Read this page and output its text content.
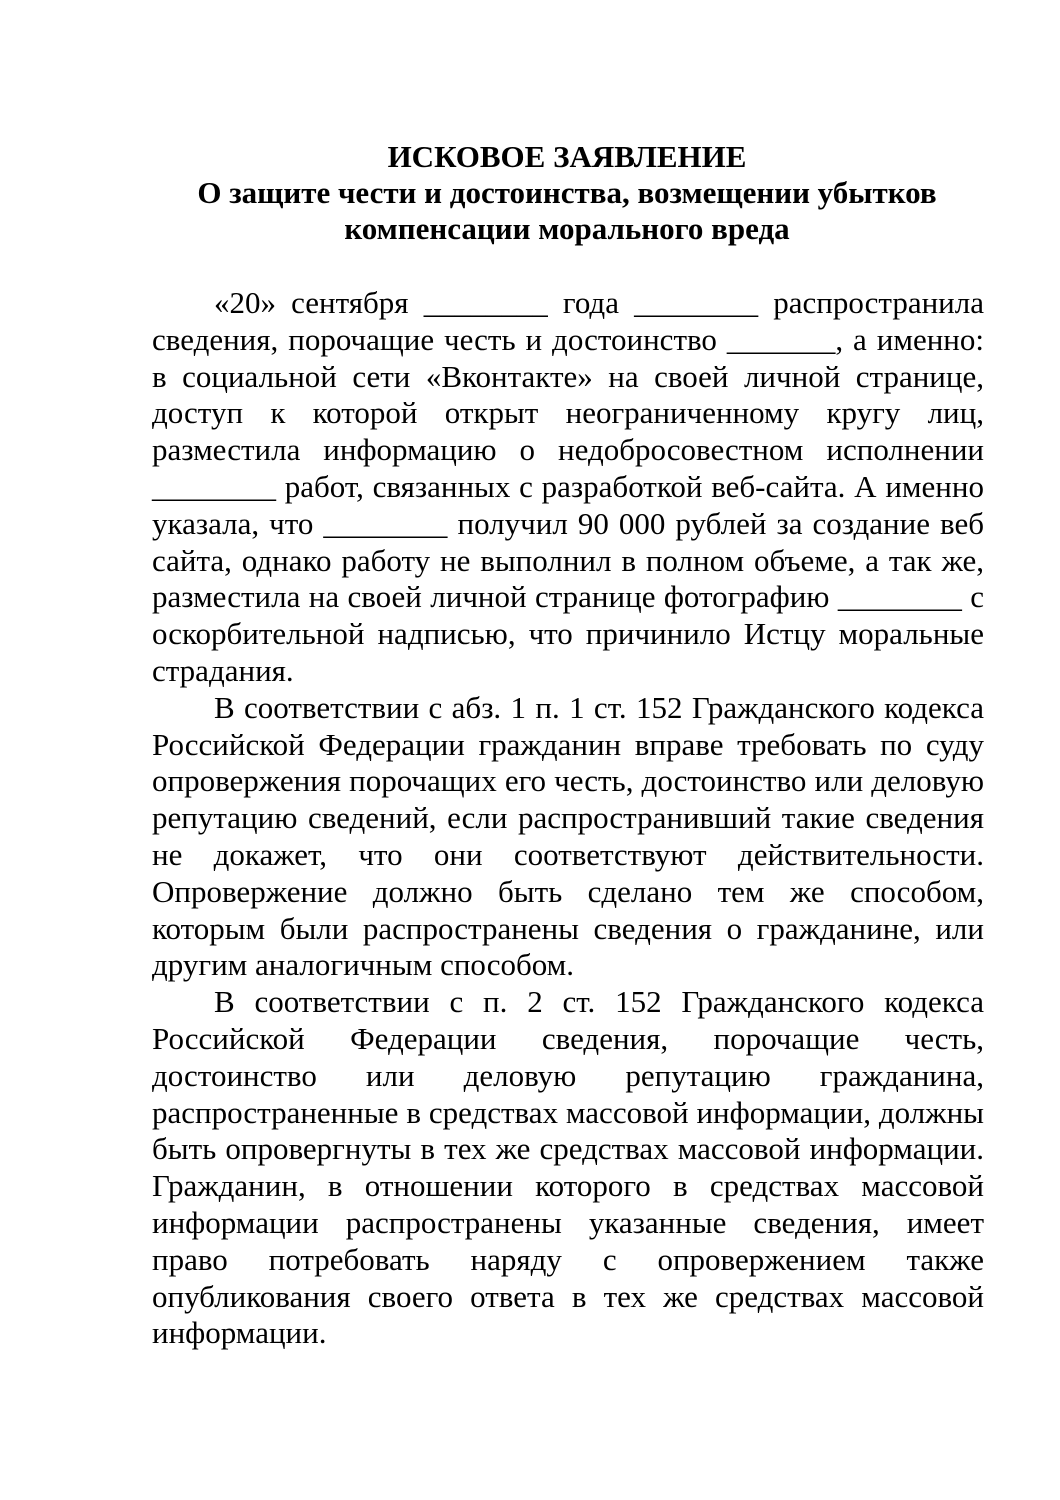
ИСКОВОЕ ЗАЯВЛЕНИЕ
О защите чести и достоинства, возмещении убытков
компенсации морального вреда

«20» сентября ________ года ________ распространила сведения, порочащие честь и достоинство _______, а именно: в социальной сети «Вконтакте» на своей личной странице, доступ к которой открыт неограниченному кругу лиц, разместила информацию о недобросовестном исполнении ________ работ, связанных с разработкой веб-сайта. А именно указала, что ________ получил 90 000 рублей за создание веб сайта, однако работу не выполнил в полном объеме, а так же, разместила на своей личной странице фотографию ________ с оскорбительной надписью, что причинило Истцу моральные страдания.

В соответствии с абз. 1 п. 1 ст. 152 Гражданского кодекса Российской Федерации гражданин вправе требовать по суду опровержения порочащих его честь, достоинство или деловую репутацию сведений, если распространивший такие сведения не докажет, что они соответствуют действительности. Опровержение должно быть сделано тем же способом, которым были распространены сведения о гражданине, или другим аналогичным способом.

В соответствии с п. 2 ст. 152 Гражданского кодекса Российской Федерации сведения, порочащие честь, достоинство или деловую репутацию гражданина, распространенные в средствах массовой информации, должны быть опровергнуты в тех же средствах массовой информации. Гражданин, в отношении которого в средствах массовой информации распространены указанные сведения, имеет право потребовать наряду с опровержением также опубликования своего ответа в тех же средствах массовой информации.
